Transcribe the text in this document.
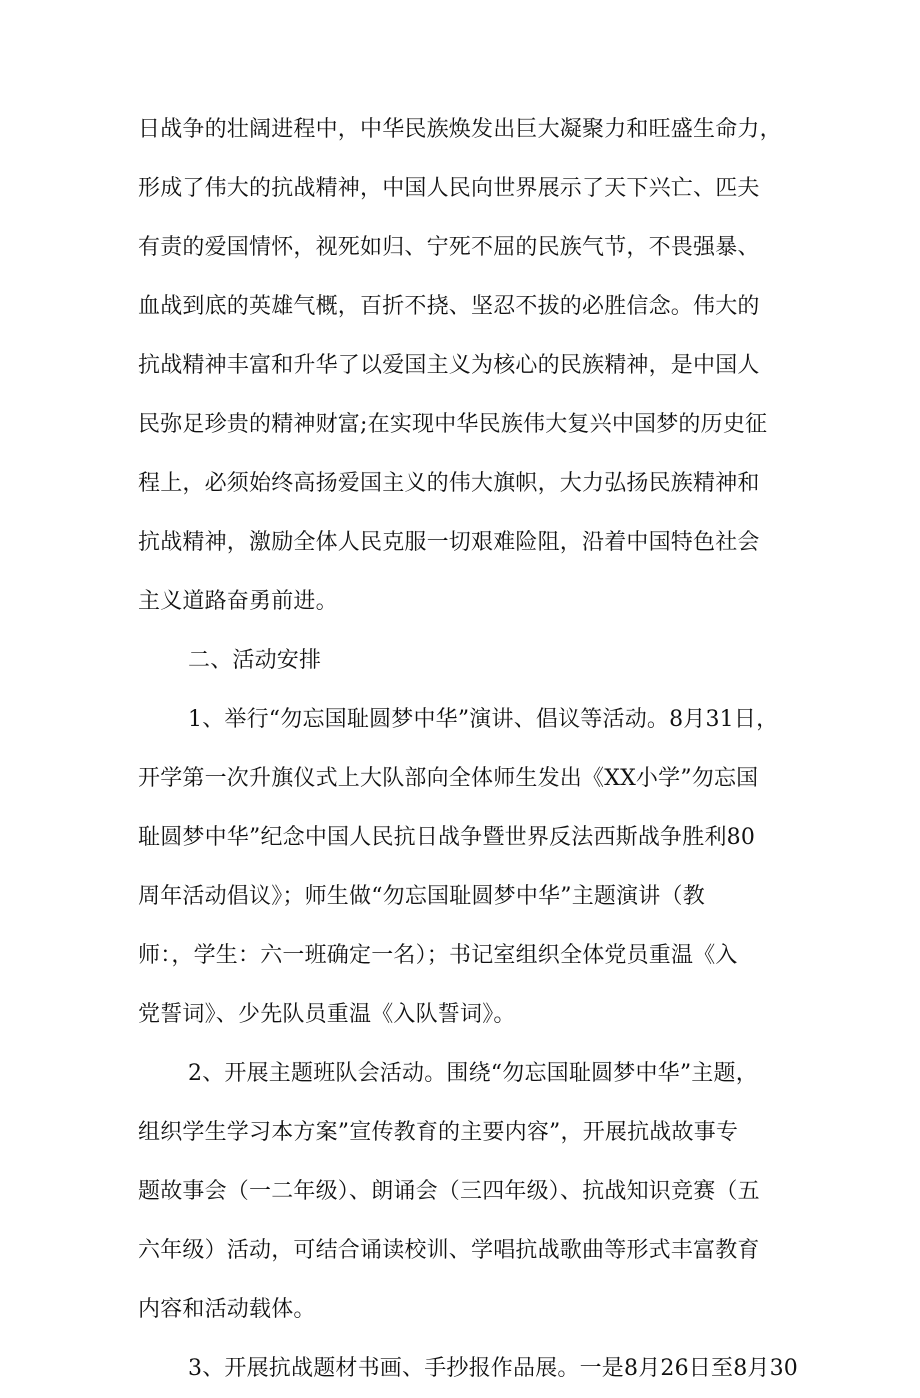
日战争的壮阔进程中，中华民族焕发出巨大凝聚力和旺盛生命力，
形成了伟大的抗战精神，中国人民向世界展示了天下兴亡、匹夫
有责的爱国情怀，视死如归、宁死不屈的民族气节，不畏强暴、
血战到底的英雄气概，百折不挠、坚忍不拔的必胜信念。伟大的
抗战精神丰富和升华了以爱国主义为核心的民族精神，是中国人
民弥足珍贵的精神财富;在实现中华民族伟大复兴中国梦的历史征
程上，必须始终高扬爱国主义的伟大旗帜，大力弘扬民族精神和
抗战精神，激励全体人民克服一切艰难险阻，沿着中国特色社会
主义道路奋勇前进。
二、活动安排
1、举行“勿忘国耻圆梦中华”演讲、倡议等活动。8月31日，
开学第一次升旗仪式上大队部向全体师生发出《XX小学”勿忘国
耻圆梦中华”纪念中国人民抗日战争暨世界反法西斯战争胜利80
周年活动倡议》；师生做“勿忘国耻圆梦中华”主题演讲（教
师：，学生：六一班确定一名）；书记室组织全体党员重温《入
党誓词》、少先队员重温《入队誓词》。
2、开展主题班队会活动。围绕“勿忘国耻圆梦中华”主题，
组织学生学习本方案”宣传教育的主要内容”，开展抗战故事专
题故事会（一二年级）、朗诵会（三四年级）、抗战知识竞赛（五
六年级）活动，可结合诵读校训、学唱抗战歌曲等形式丰富教育
内容和活动载体。
3、开展抗战题材书画、手抄报作品展。一是8月26日至8月30
